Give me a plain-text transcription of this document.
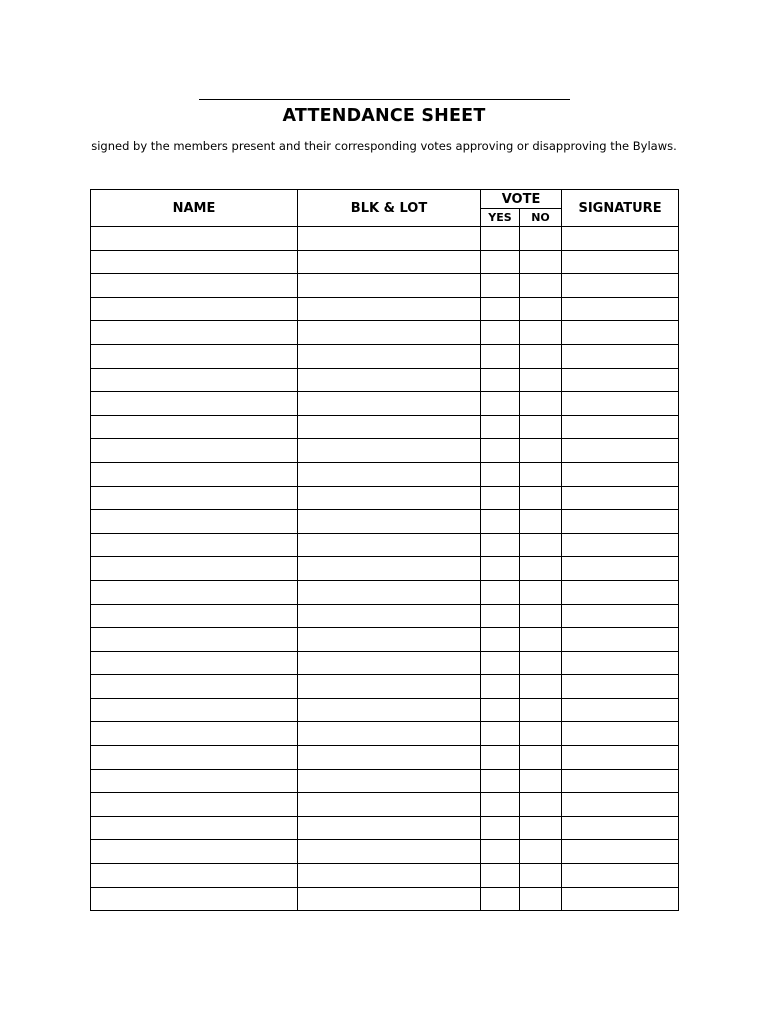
ATTENDANCE SHEET
signed by the members present and their corresponding votes approving or disapproving the Bylaws.
NAME	BLK & LOT	VOTE		SIGNATURE
		YES	NO	
